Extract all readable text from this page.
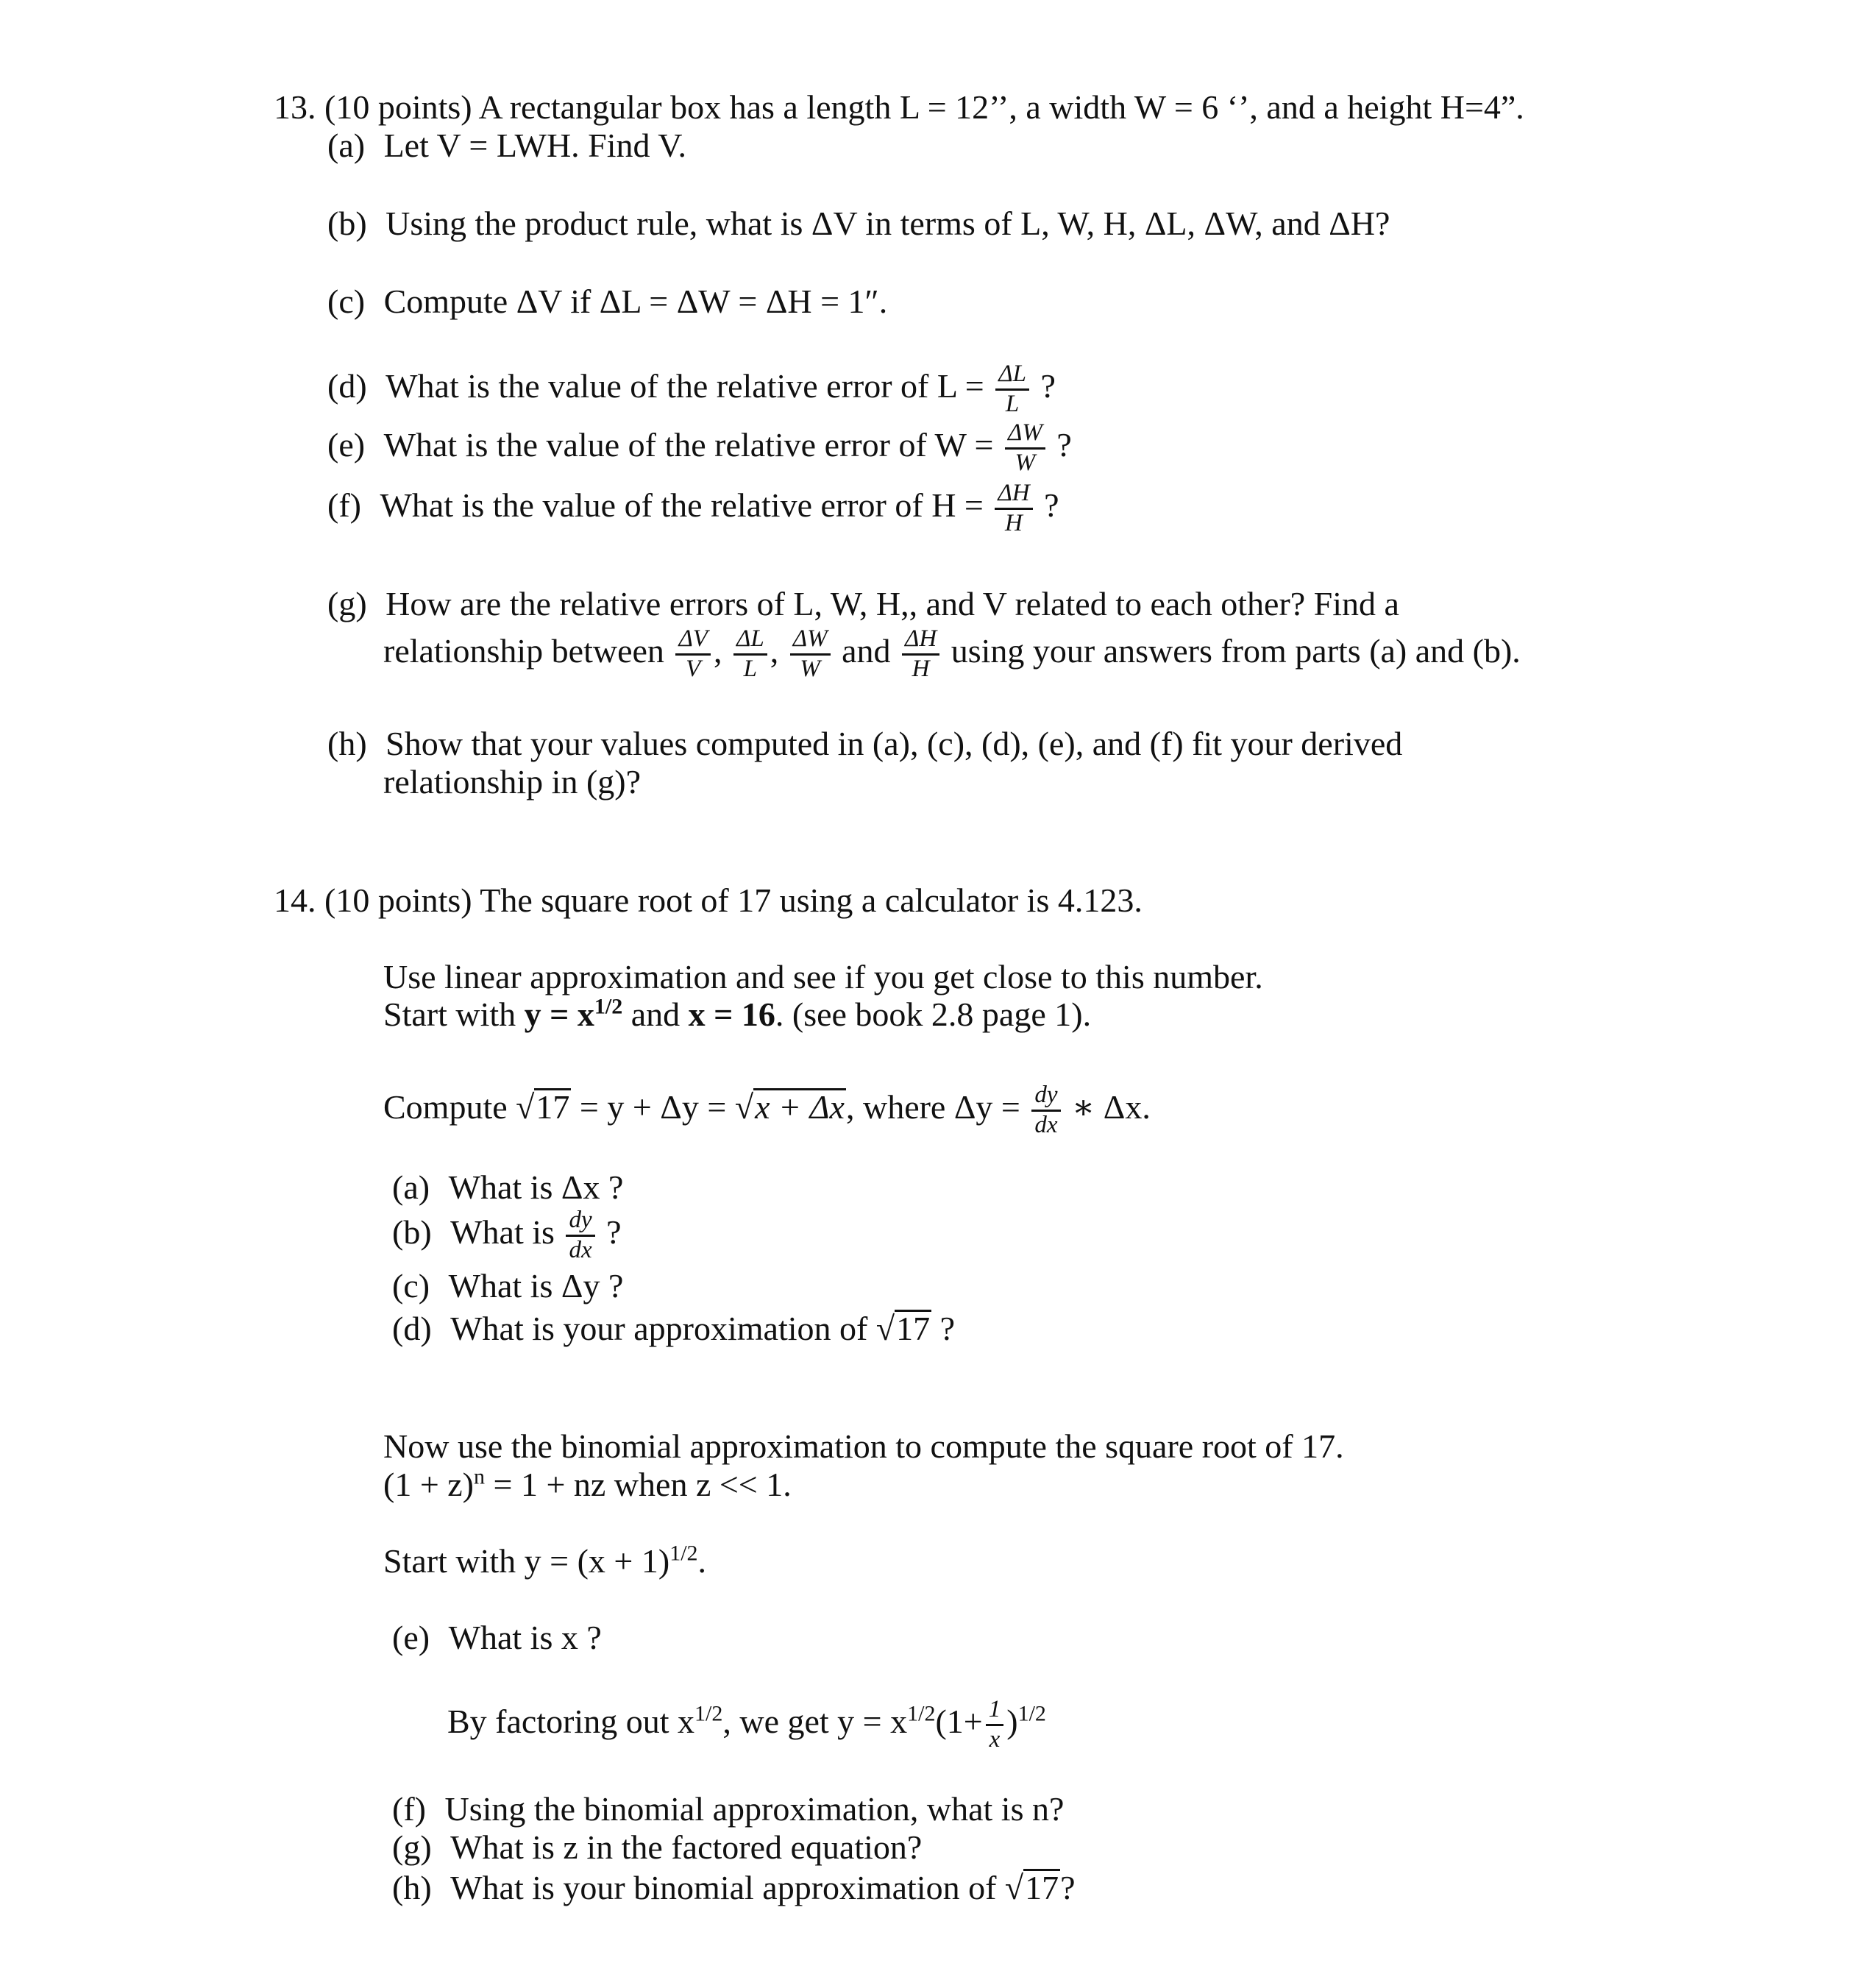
13. (10 points) A rectangular box has a length L = 12’’, a width W = 6 ‘’, and a height H=4”.
(a) Let V = LWH. Find V.
(b) Using the product rule, what is ΔV in terms of L, W, H, ΔL, ΔW, and ΔH?
(c) Compute ΔV if ΔL = ΔW = ΔH = 1″.
(d) What is the value of the relative error of $L = \frac{\Delta L}{L}$ ?
(e) What is the value of the relative error of $W = \frac{\Delta W}{W}$ ?
(f) What is the value of the relative error of $H = \frac{\Delta H}{H}$ ?
(g) How are the relative errors of L, W, H,, and V related to each other? Find a
relationship between $\frac{\Delta V}{V}$ , $\frac{\Delta L}{L}$ , $\frac{\Delta W}{W}$ and $\frac{\Delta H}{H}$ using your answers from parts (a) and (b).
(h) Show that your values computed in (a), (c), (d), (e), and (f) fit your derived
relationship in (g)?
14. (10 points) The square root of 17 using a calculator is 4.123.
Use linear approximation and see if you get close to this number.
Start with $y = x^{1/2}$ and x = 16. (see book 2.8 page 1).
Compute √17 = y + Δy = √x + Δx, where $\Delta y = \frac{dy}{dx}$ ∗ Δx.
(a) What is Δx ?
(b) What is $\frac{dy}{dx}$ ?
(c) What is Δy ?
(d) What is your approximation of √17 ?
Now use the binomial approximation to compute the square root of 17.
$(1 + z)^n = 1$ + nz when z << 1.
Start with $y = (x + 1)^{1/2}$.
(e) What is x ?
By factoring out $x^{1/2}$, we get $y = x^{1/2}(1+ \frac{1}{x} )^{1/2}$
(f) Using the binomial approximation, what is n?
(g) What is z in the factored equation?
(h) What is your binomial approximation of √17?
